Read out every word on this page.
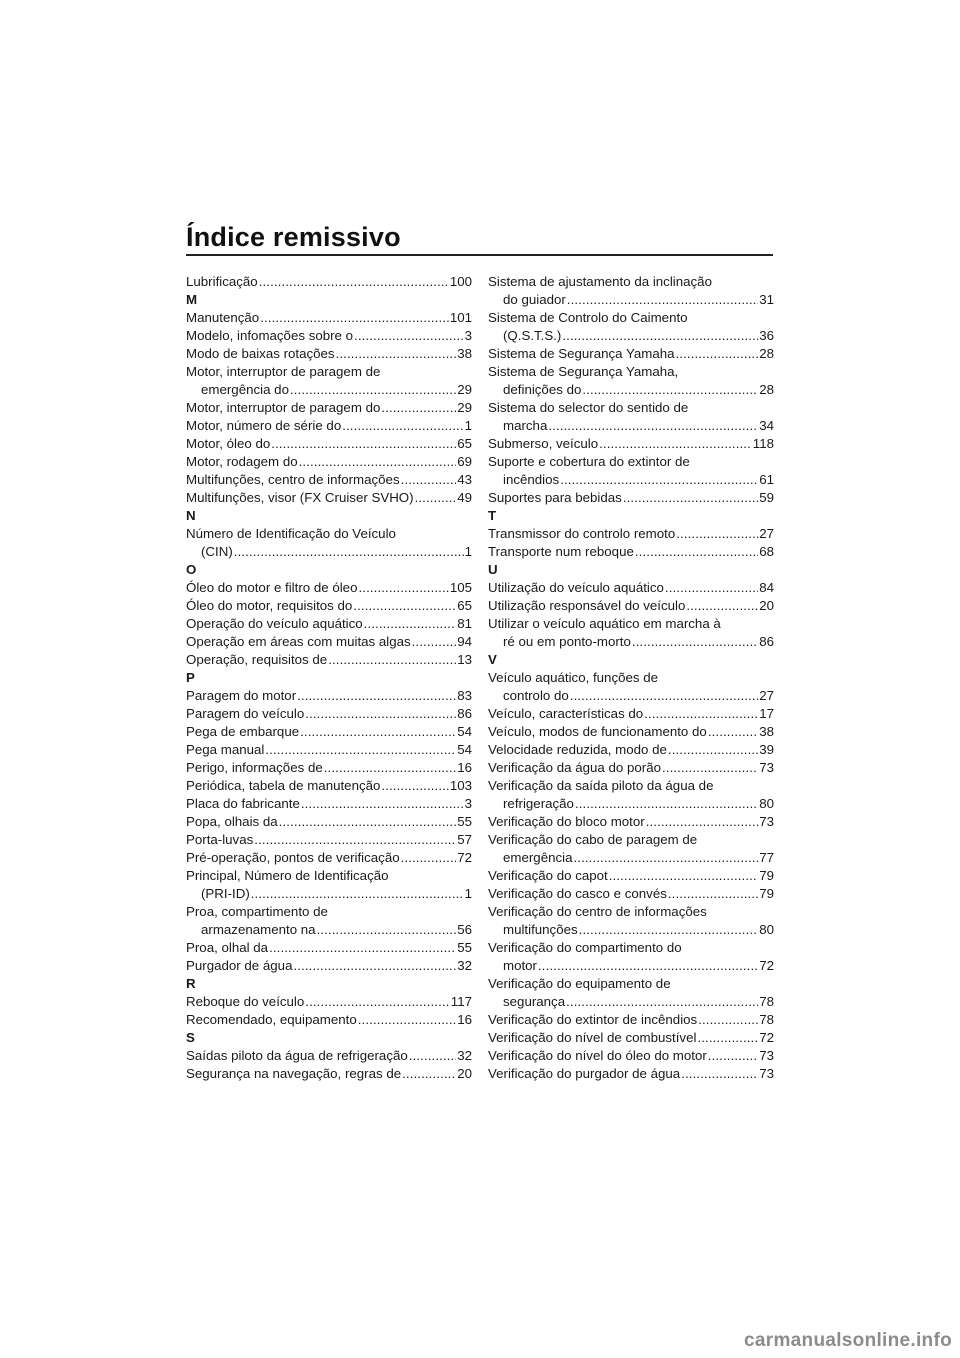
Índice remissivo
Lubrificação .....	100
M
Manutenção .....	101
Modelo, infomações sobre o .....	3
Modo de baixas rotações .....	38
Motor, interruptor de paragem de
emergência do .....	29
Motor, interruptor de paragem do .....	29
Motor, número de série do .....	1
Motor, óleo do .....	65
Motor, rodagem do .....	69
Multifunções, centro de informações .....	43
Multifunções, visor (FX Cruiser SVHO) .....	49
N
Número de Identificação do Veículo
(CIN) .....	1
O
Óleo do motor e filtro de óleo .....	105
Óleo do motor, requisitos do .....	65
Operação do veículo aquático .....	81
Operação em áreas com muitas algas .....	94
Operação, requisitos de .....	13
P
Paragem do motor .....	83
Paragem do veículo .....	86
Pega de embarque .....	54
Pega manual .....	54
Perigo, informações de .....	16
Periódica, tabela de manutenção .....	103
Placa do fabricante .....	3
Popa, olhais da .....	55
Porta-luvas .....	57
Pré-operação, pontos de verificação .....	72
Principal, Número de Identificação
(PRI-ID) .....	1
Proa, compartimento de
armazenamento na .....	56
Proa, olhal da .....	55
Purgador de água .....	32
R
Reboque do veículo .....	117
Recomendado, equipamento .....	16
S
Saídas piloto da água de refrigeração .....	32
Segurança na navegação, regras de .....	20
Sistema de ajustamento da inclinação
do guiador .....	31
Sistema de Controlo do Caimento
(Q.S.T.S.) .....	36
Sistema de Segurança Yamaha .....	28
Sistema de Segurança Yamaha,
definições do .....	28
Sistema do selector do sentido de
marcha .....	34
Submerso, veículo .....	118
Suporte e cobertura do extintor de
incêndios .....	61
Suportes para bebidas .....	59
T
Transmissor do controlo remoto .....	27
Transporte num reboque .....	68
U
Utilização do veículo aquático .....	84
Utilização responsável do veículo .....	20
Utilizar o veículo aquático em marcha à
ré ou em ponto-morto .....	86
V
Veículo aquático, funções de
controlo do .....	27
Veículo, características do .....	17
Veículo, modos de funcionamento do .....	38
Velocidade reduzida, modo de .....	39
Verificação da água do porão .....	73
Verificação da saída piloto da água de
refrigeração .....	80
Verificação do bloco motor .....	73
Verificação do cabo de paragem de
emergência .....	77
Verificação do capot .....	79
Verificação do casco e convés .....	79
Verificação do centro de informações
multifunções .....	80
Verificação do compartimento do
motor .....	72
Verificação do equipamento de
segurança .....	78
Verificação do extintor de incêndios .....	78
Verificação do nível de combustível .....	72
Verificação do nível do óleo do motor .....	73
Verificação do purgador de água .....	73
carmanualsonline.info
